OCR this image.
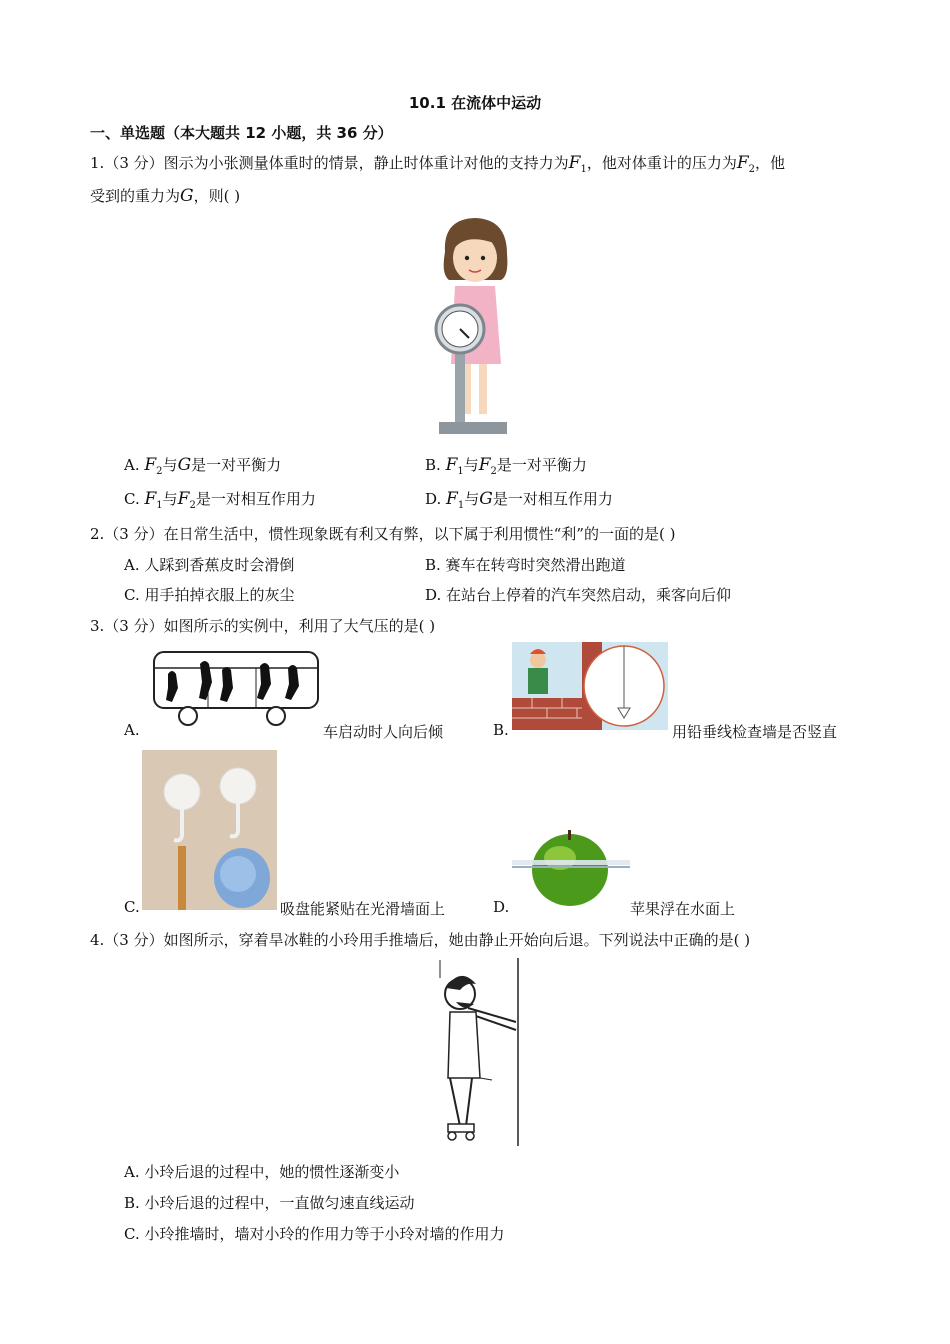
10.1 在流体中运动
一、单选题（本大题共 12 小题，共 36 分）
1.（3 分）图示为小张测量体重时的情景，静止时体重计对他的支持力为$F_1$，他对体重计的压力为$F_2$，他
受到的重力为G，则( )
A. $F_2$与G是一对平衡力	B. $F_1$与$F_2$是一对平衡力
C. $F_1$与$F_2$是一对相互作用力	D. $F_1$与G是一对相互作用力
2.（3 分）在日常生活中，惯性现象既有利又有弊，以下属于利用惯性“利”的一面的是( )
A. 人踩到香蕉皮时会滑倒	B. 赛车在转弯时突然滑出跑道
C. 用手拍掉衣服上的灰尘	D. 在站台上停着的汽车突然启动，乘客向后仰
3.（3 分）如图所示的实例中，利用了大气压的是( )
A.	车启动时人向后倾	B.	用铅垂线检查墙是否竖直
C.	吸盘能紧贴在光滑墙面上	D.	苹果浮在水面上
4.（3 分）如图所示，穿着旱冰鞋的小玲用手推墙后，她由静止开始向后退。下列说法中正确的是( )
A. 小玲后退的过程中，她的惯性逐渐变小
B. 小玲后退的过程中，一直做匀速直线运动
C. 小玲推墙时，墙对小玲的作用力等于小玲对墙的作用力
